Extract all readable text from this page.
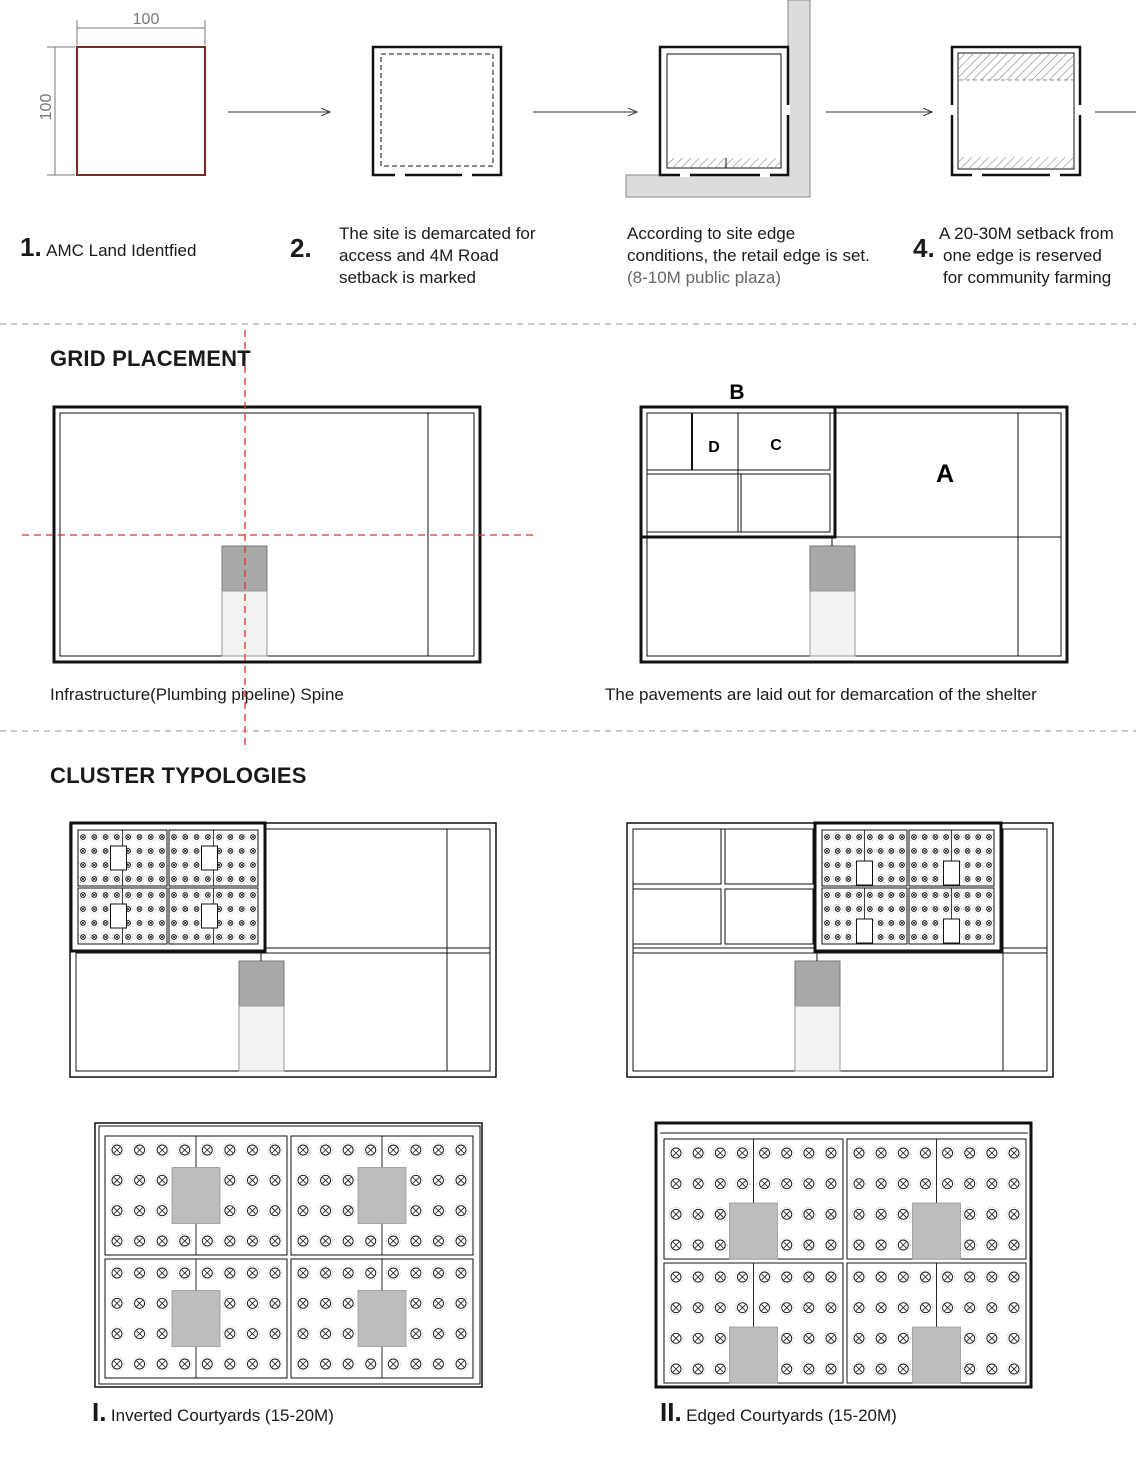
100
100
A
B
C
D
1. AMC Land Identfied	2. The site is demarcated for
access and 4M Road
setback is marked
According to site edge
conditions, the retail edge is set.
(8-10M public plaza)
4. A 20-30M setback from
one edge is reserved
for community farming
GRID PLACEMENT
Infrastructure(Plumbing pipeline) Spine	The pavements are laid out for demarcation of the shelter
CLUSTER TYPOLOGIES
I. Inverted Courtyards (15-20M)	II. Edged Courtyards (15-20M)
